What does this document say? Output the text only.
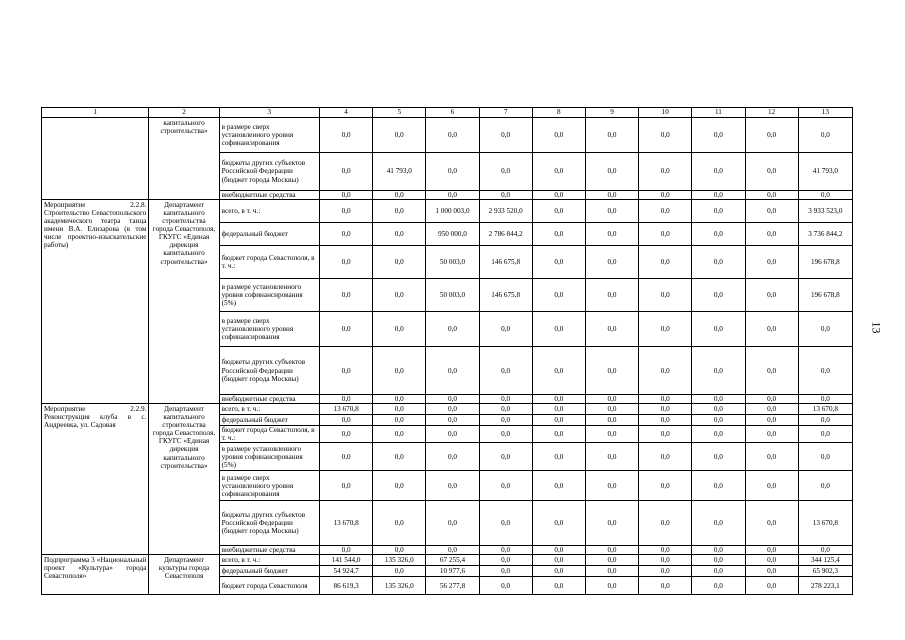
13
1	2	3	4	5	6	7	8	9	10	11	12	13
	капитального строительства»	в размере сверх установленного уровня софинансирования	0,0	0,0	0,0	0,0	0,0	0,0	0,0	0,0	0,0	0,0
		бюджеты других субъектов Российской Федерации (бюджет города Москвы)	0,0	41 793,0	0,0	0,0	0,0	0,0	0,0	0,0	0,0	41 793,0
		внебюджетные средства	0,0	0,0	0,0	0,0	0,0	0,0	0,0	0,0	0,0	0,0
Мероприятие 2.2.8. Строительство Севастопольского академического театра танца имени В.А. Елизарова (в том числе проектно-изыскательские работы)	Департамент капитального строительства города Севастополя, ГКУГС «Единая дирекция капитального строительства»	всего, в т. ч.:	0,0	0,0	1 000 003,0	2 933 520,0	0,0	0,0	0,0	0,0	0,0	3 933 523,0
		федеральный бюджет	0,0	0,0	950 000,0	2 786 844,2	0,0	0,0	0,0	0,0	0,0	3 736 844,2
		бюджет города Севастополя, в т. ч.:	0,0	0,0	50 003,0	146 675,8	0,0	0,0	0,0	0,0	0,0	196 678,8
		в размере установленного уровня софинансирования (5%)	0,0	0,0	50 003,0	146 675,8	0,0	0,0	0,0	0,0	0,0	196 678,8
		в размере сверх установленного уровня софинансирования	0,0	0,0	0,0	0,0	0,0	0,0	0,0	0,0	0,0	0,0
		бюджеты других субъектов Российской Федерации (бюджет города Москвы)	0,0	0,0	0,0	0,0	0,0	0,0	0,0	0,0	0,0	0,0
		внебюджетные средства	0,0	0,0	0,0	0,0	0,0	0,0	0,0	0,0	0,0	0,0
Мероприятие 2.2.9. Реконструкция клуба в с. Андреевка, ул. Садовая	Департамент капитального строительства города Севастополя, ГКУГС «Единая дирекция капитального строительства»	всего, в т. ч.:	13 670,8	0,0	0,0	0,0	0,0	0,0	0,0	0,0	0,0	13 670,8
		федеральный бюджет	0,0	0,0	0,0	0,0	0,0	0,0	0,0	0,0	0,0	0,0
		бюджет города Севастополя, в т. ч.:	0,0	0,0	0,0	0,0	0,0	0,0	0,0	0,0	0,0	0,0
		в размере установленного уровня софинансирования (5%)	0,0	0,0	0,0	0,0	0,0	0,0	0,0	0,0	0,0	0,0
		в размере сверх установленного уровня софинансирования	0,0	0,0	0,0	0,0	0,0	0,0	0,0	0,0	0,0	0,0
		бюджеты других субъектов Российской Федерации (бюджет города Москвы)	13 670,8	0,0	0,0	0,0	0,0	0,0	0,0	0,0	0,0	13 670,8
		внебюджетные средства	0,0	0,0	0,0	0,0	0,0	0,0	0,0	0,0	0,0	0,0
Подпрограмма 3 «Национальный проект «Культура» города Севастополя»	Департамент культуры города Севастополя	всего, в т. ч.:	141 544,0	135 326,0	67 255,4	0,0	0,0	0,0	0,0	0,0	0,0	344 125,4
		федеральный бюджет	54 924,7	0,0	10 977,6	0,0	0,0	0,0	0,0	0,0	0,0	65 902,3
		бюджет города Севастополя	86 619,3	135 326,0	56 277,8	0,0	0,0	0,0	0,0	0,0	0,0	278 223,1
